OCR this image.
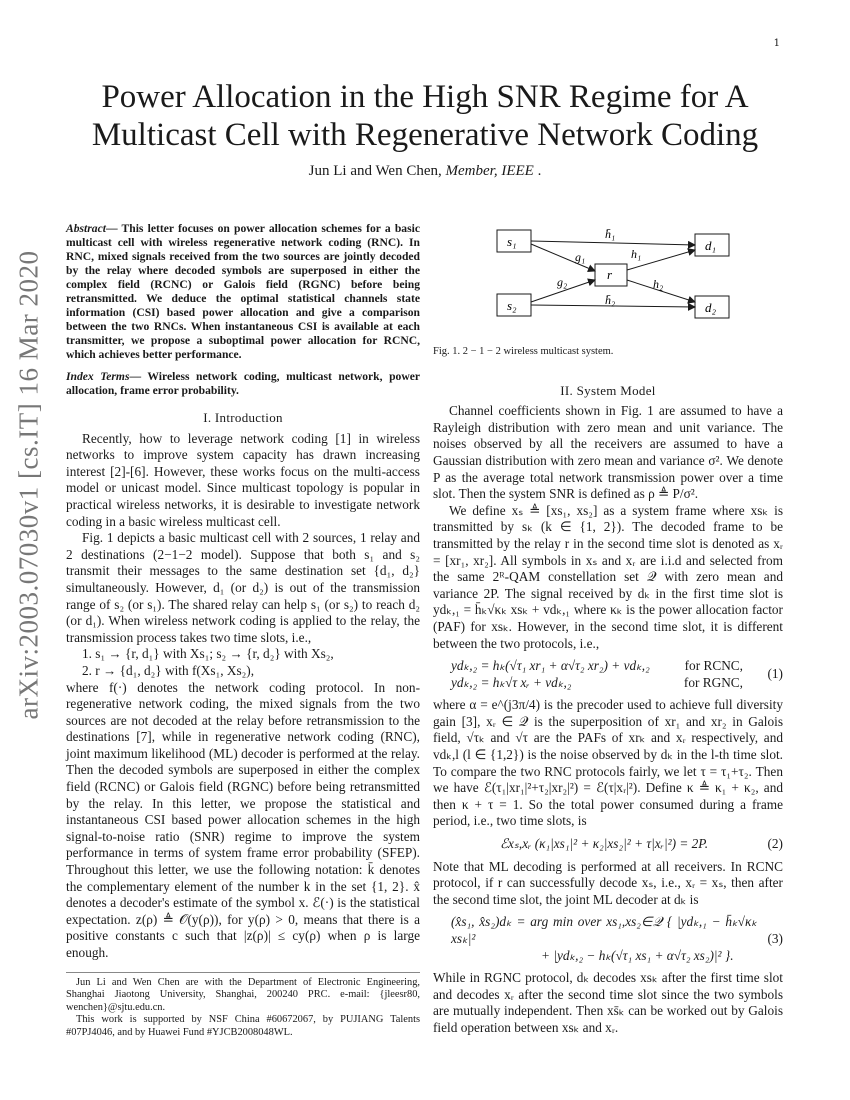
1
arXiv:2003.07030v1 [cs.IT] 16 Mar 2020
Power Allocation in the High SNR Regime for A
Multicast Cell with Regenerative Network Coding
Jun Li and Wen Chen, Member, IEEE .
Abstract— This letter focuses on power allocation schemes for a basic multicast cell with wireless regenerative network coding (RNC). In RNC, mixed signals received from the two sources are jointly decoded by the relay where decoded symbols are superposed in either the complex field (RCNC) or Galois field (RGNC) before being retransmitted. We deduce the optimal statistical channels state information (CSI) based power allocation and give a comparison between the two RNCs. When instantaneous CSI is available at each transmitter, we propose a suboptimal power allocation for RCNC, which achieves better performance.
Index Terms— Wireless network coding, multicast network, power allocation, frame error probability.
I. Introduction

Recently, how to leverage network coding [1] in wireless networks to improve system capacity has drawn increasing interest [2]-[6]. However, these works focus on the multi-access model or unicast model. Since multicast topology is popular in practical wireless networks, it is desirable to investigate network coding in a basic wireless multicast cell.

Fig. 1 depicts a basic multicast cell with 2 sources, 1 relay and 2 destinations (2−1−2 model). Suppose that both s₁ and s₂ transmit their messages to the same destination set {d₁, d₂} simultaneously. However, d₁ (or d₂) is out of the transmission range of s₂ (or s₁). The shared relay can help s₁ (or s₂) to reach d₂ (or d₁). When wireless network coding is applied to the relay, the transmission process takes two time slots, i.e.,

1. s₁ → {r, d₁} with Xs₁; s₂ → {r, d₂} with Xs₂,
2. r → {d₁, d₂} with f(Xs₁, Xs₂),

where f(·) denotes the network coding protocol. In non-regenerative network coding, the mixed signals from the two sources are not decoded at the relay before retransmission to the destinations [7], while in regenerative network coding (RNC), joint maximum likelihood (ML) decoder is performed at the relay. Then the decoded symbols are superposed in either the complex field (RCNC) or Galois field (RGNC) before being retransmitted by the relay. In this letter, we propose the statistical and instantaneous CSI based power allocation schemes in the high signal-to-noise ratio (SNR) regime to improve the system performance in terms of system frame error probability (SFEP). Throughout this letter, we use the following notation: k̄ denotes the complementary element of the number k in the set {1, 2}. x̂ denotes a decoder's estimate of the symbol x. ℰ(·) is the statistical expectation. z(ρ) ≜ 𝒪(y(ρ)), for y(ρ) > 0, means that there is a positive constants c such that |z(ρ)| ≤ cy(ρ) when ρ is large enough.

Jun Li and Wen Chen are with the Department of Electronic Engineering, Shanghai Jiaotong University, Shanghai, 200240 PRC. e-mail: {jleesr80, wenchen}@sjtu.edu.cn.

This work is supported by NSF China #60672067, by PUJIANG Talents #07PJ4046, and by Huawei Fund #YJCB2008048WL.

s₁
s₂
r
d₁
d₂
h̄₁
h̄₂
g₁
g₂
h₁
h₂
Fig. 1. 2 − 1 − 2 wireless multicast system.
II. System Model

Channel coefficients shown in Fig. 1 are assumed to have a Rayleigh distribution with zero mean and unit variance. The noises observed by all the receivers are assumed to have a Gaussian distribution with zero mean and variance σ². We denote P as the average total network transmission power over a time slot. Then the system SNR is defined as ρ ≜ P/σ².

We define xₛ ≜ [xs₁, xs₂] as a system frame where xsₖ is transmitted by sₖ (k ∈ {1, 2}). The decoded frame to be transmitted by the relay r in the second time slot is denoted as xᵣ = [xr₁, xr₂]. All symbols in xₛ and xᵣ are i.i.d and selected from the same 2ᴿ-QAM constellation set 𝒬 with zero mean and variance 2P. The signal received by dₖ in the first time slot is ydₖ,₁ = h̄ₖ√κₖ xsₖ + vdₖ,₁ where κₖ is the power allocation factor (PAF) for xsₖ. However, in the second time slot, it is different between the two protocols, i.e.,

ydₖ,₂ = hₖ(√τ₁ xr₁ + α√τ₂ xr₂) + vdₖ,₂	for RCNC,
ydₖ,₂ = hₖ√τ xᵣ + vdₖ,₂	for RGNC,
(1)

where α = e^(j3π/4) is the precoder used to achieve full diversity gain [3], xᵣ ∈ 𝒬 is the superposition of xr₁ and xr₂ in Galois field, √τₖ and √τ are the PAFs of xrₖ and xᵣ respectively, and vdₖ,l (l ∈ {1,2}) is the noise observed by dₖ in the l-th time slot. To compare the two RNC protocols fairly, we let τ = τ₁+τ₂. Then we have ℰ(τ₁|xr₁|²+τ₂|xr₂|²) = ℰ(τ|xᵣ|²). Define κ ≜ κ₁ + κ₂, and then κ + τ = 1. So the total power consumed during a frame period, i.e., two time slots, is

ℰxₛ,xᵣ (κ₁|xs₁|² + κ₂|xs₂|² + τ|xᵣ|²) = 2P.	(2)

Note that ML decoding is performed at all receivers. In RCNC protocol, if r can successfully decode xₛ, i.e., xᵣ = xₛ, then after the second time slot, the joint ML decoder at dₖ is

(x̂s₁, x̂s₂)dₖ = arg min over xs₁,xs₂∈𝒬 { |ydₖ,₁ − h̄ₖ√κₖ xsₖ|²
+ |ydₖ,₂ − hₖ(√τ₁ xs₁ + α√τ₂ xs₂)|² }.
(3)

While in RGNC protocol, dₖ decodes xsₖ after the first time slot and decodes xᵣ after the second time slot since the two symbols are mutually independent. Then xs̄ₖ can be worked out by Galois field operation between xsₖ and xᵣ.
